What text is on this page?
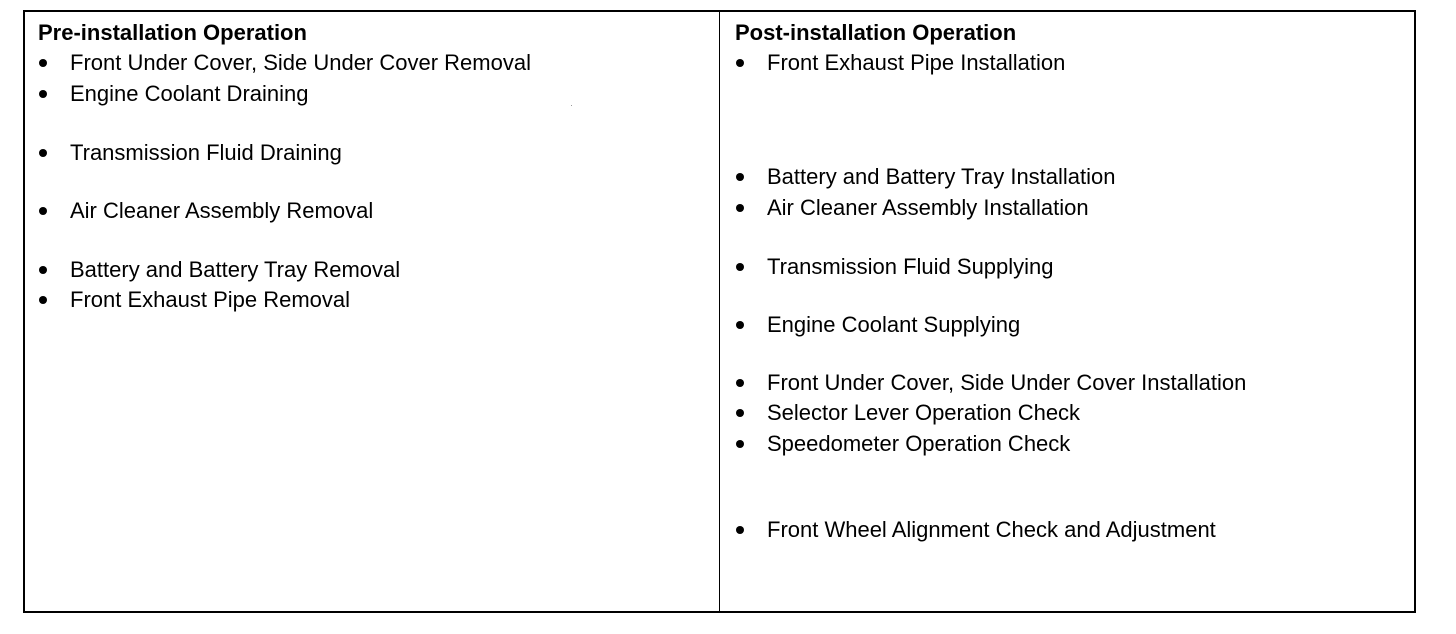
Pre-installation Operation
Front Under Cover, Side Under Cover Removal
Engine Coolant Draining
Transmission Fluid Draining
Air Cleaner Assembly Removal
Battery and Battery Tray Removal
Front Exhaust Pipe Removal
Post-installation Operation
Front Exhaust Pipe Installation
Battery and Battery Tray Installation
Air Cleaner Assembly Installation
Transmission Fluid Supplying
Engine Coolant Supplying
Front Under Cover, Side Under Cover Installation
Selector Lever Operation Check
Speedometer Operation Check
Front Wheel Alignment Check and Adjustment
